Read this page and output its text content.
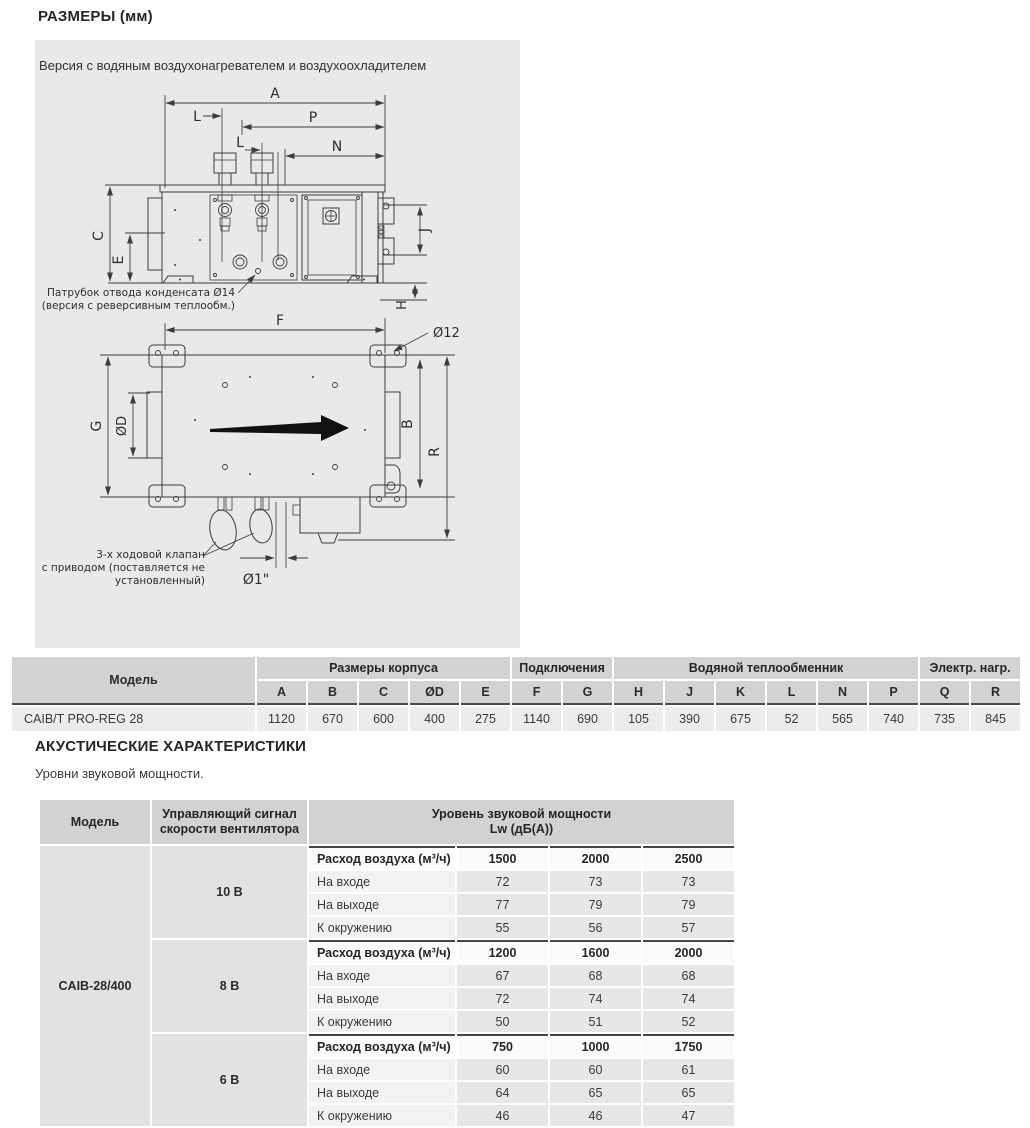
РАЗМЕРЫ (мм)
Версия с водяным воздухонагревателем и воздухоохладителем
A
P
L
L	N
C
E
J
H
Патрубок отвода конденсата Ø14
(версия с реверсивным теплообм.)
F
Ø12
G ØD	B
R
Ø1"
3-х ходовой клапан
с приводом (поставляется не
установленный)
Модель	Размеры корпуса					Подключения		Водяной теплообменник						Электр. нагр.	
	A	B	C	ØD	E	F	G	H	J	K	L	N	P	Q	R
CAIB/T PRO-REG 28	1120	670	600	400	275	1140	690	105	390	675	52	565	740	735	845
АКУСТИЧЕСКИЕ ХАРАКТЕРИСТИКИ
Уровни звуковой мощности.
Модель	Управляющий сигнал скорости вентилятора	Уровень звуковой мощности
Lw (дБ(А))			

CAIB-28/400	10 В	Расход воздуха (м³/ч)	1500	2000	2500
		На входе	72	73	73
		На выходе	77	79	79
		К окружению	55	56	57
	8 В	Расход воздуха (м³/ч)	1200	1600	2000
		На входе	67	68	68
		На выходе	72	74	74
		К окружению	50	51	52
	6 В	Расход воздуха (м³/ч)	750	1000	1750
		На входе	60	60	61
		На выходе	64	65	65
		К окружению	46	46	47
